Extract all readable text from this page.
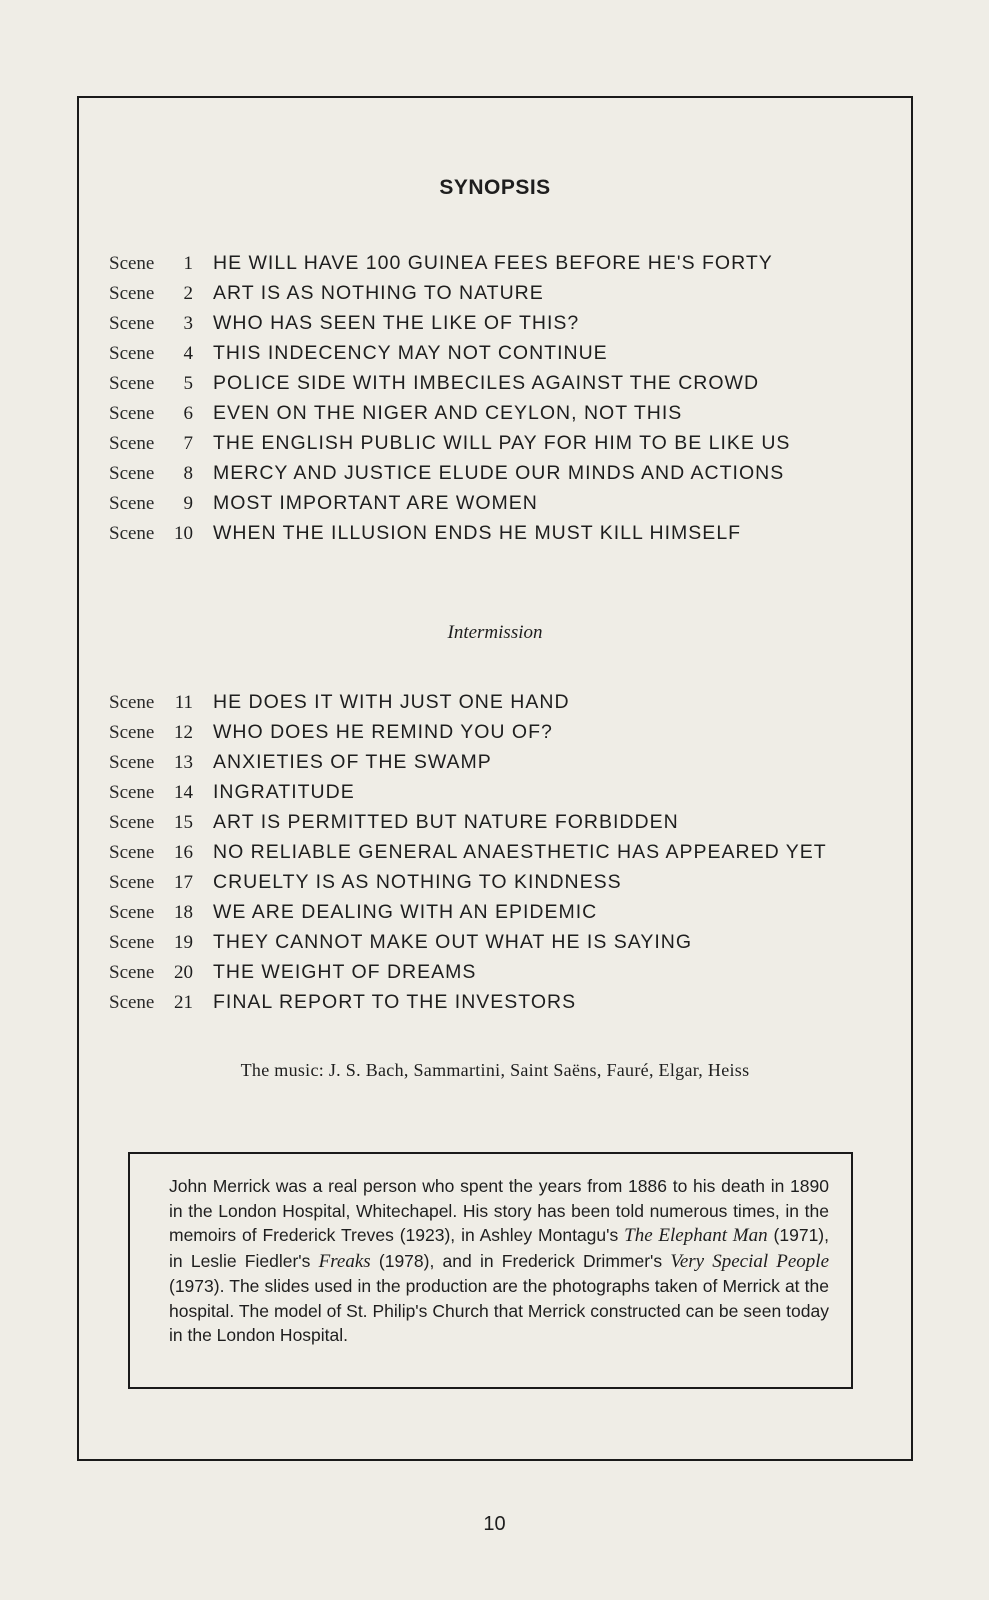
SYNOPSIS
Scene	1 HE WILL HAVE 100 GUINEA FEES BEFORE HE'S FORTY
Scene	2 ART IS AS NOTHING TO NATURE
Scene	3 WHO HAS SEEN THE LIKE OF THIS?
Scene	4 THIS INDECENCY MAY NOT CONTINUE
Scene	5 POLICE SIDE WITH IMBECILES AGAINST THE CROWD
Scene	6 EVEN ON THE NIGER AND CEYLON, NOT THIS
Scene	7 THE ENGLISH PUBLIC WILL PAY FOR HIM TO BE LIKE US
Scene	8 MERCY AND JUSTICE ELUDE OUR MINDS AND ACTIONS
Scene	9 MOST IMPORTANT ARE WOMEN
Scene	10 WHEN THE ILLUSION ENDS HE MUST KILL HIMSELF
Intermission
Scene	11 HE DOES IT WITH JUST ONE HAND
Scene	12 WHO DOES HE REMIND YOU OF?
Scene	13 ANXIETIES OF THE SWAMP
Scene	14 INGRATITUDE
Scene	15 ART IS PERMITTED BUT NATURE FORBIDDEN
Scene	16 NO RELIABLE GENERAL ANAESTHETIC HAS APPEARED YET
Scene	17 CRUELTY IS AS NOTHING TO KINDNESS
Scene	18 WE ARE DEALING WITH AN EPIDEMIC
Scene	19 THEY CANNOT MAKE OUT WHAT HE IS SAYING
Scene	20 THE WEIGHT OF DREAMS
Scene	21 FINAL REPORT TO THE INVESTORS
The music: J. S. Bach, Sammartini, Saint Saëns, Fauré, Elgar, Heiss
John Merrick was a real person who spent the years from 1886 to his death in 1890 in the London Hospital, Whitechapel. His story has been told numerous times, in the memoirs of Frederick Treves (1923), in Ashley Montagu's The Elephant Man (1971), in Leslie Fiedler's Freaks (1978), and in Frederick Drimmer's Very Special People (1973). The slides used in the production are the photographs taken of Merrick at the hospital. The model of St. Philip's Church that Merrick constructed can be seen today in the London Hospital.
10
